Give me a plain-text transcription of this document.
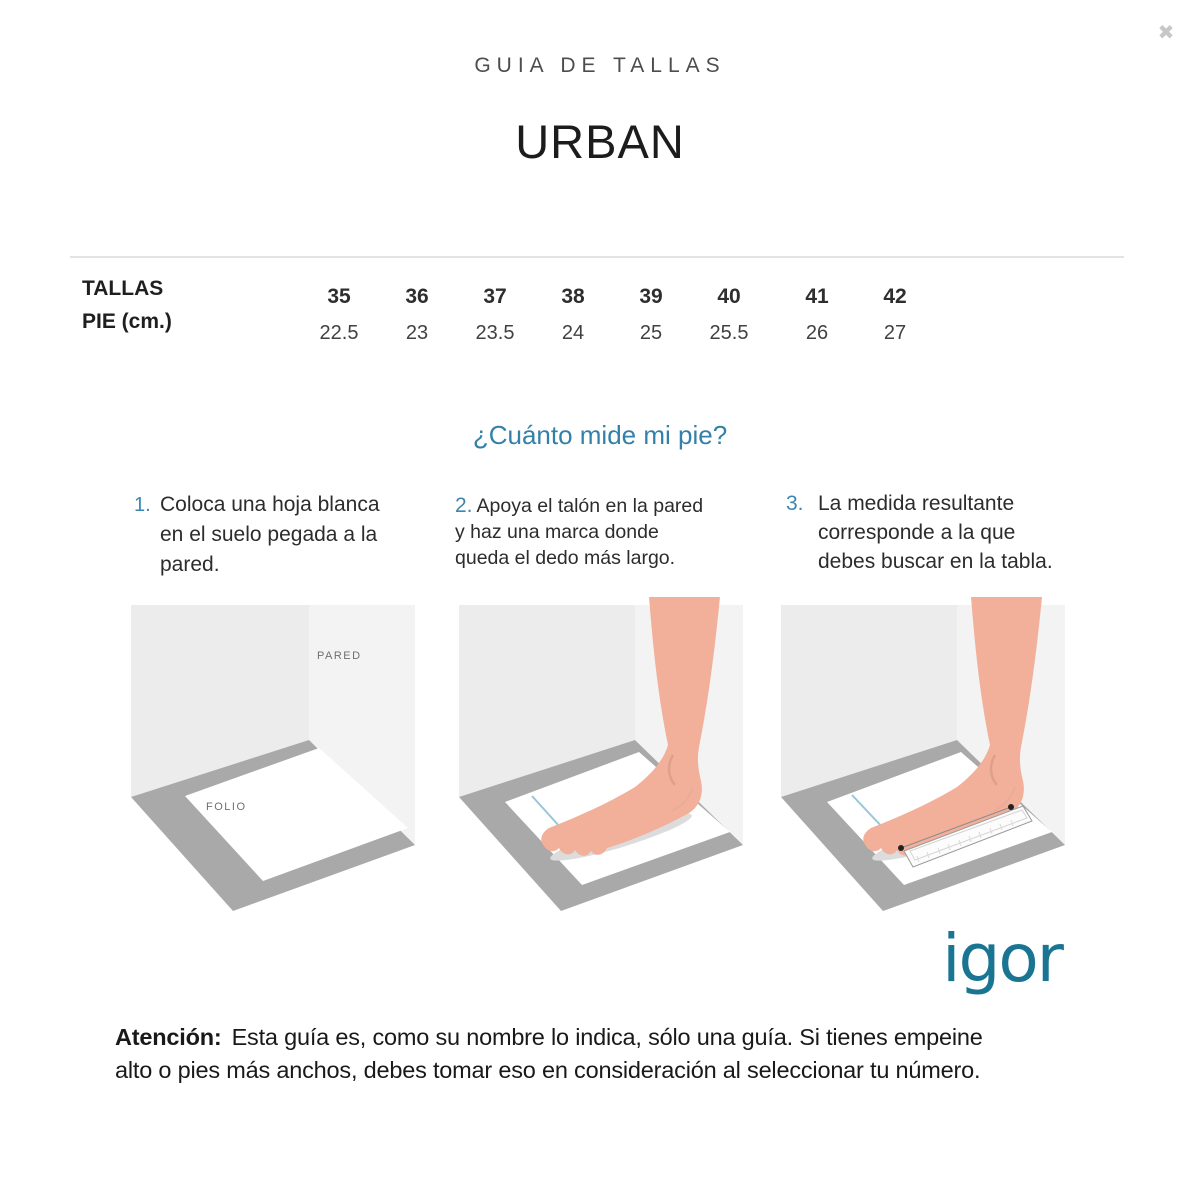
✖
GUIA DE TALLAS
URBAN
TALLAS
PIE (cm.)
35
22.5
36
23
37
23.5
38
24
39
25
40
25.5
41
26
42
27
¿Cuánto mide mi pie?
1. Coloca una hoja blanca
en el suelo pegada a la
pared.
2. Apoya el talón en la pared
y haz una marca donde
queda el dedo más largo.
3. La medida resultante
corresponde a la que
debes buscar en la tabla.
PARED
FOLIO
igor

Atención: Esta guía es, como su nombre lo indica, sólo una guía. Si tienes empeine
alto o pies más anchos, debes tomar eso en consideración al seleccionar tu número.
